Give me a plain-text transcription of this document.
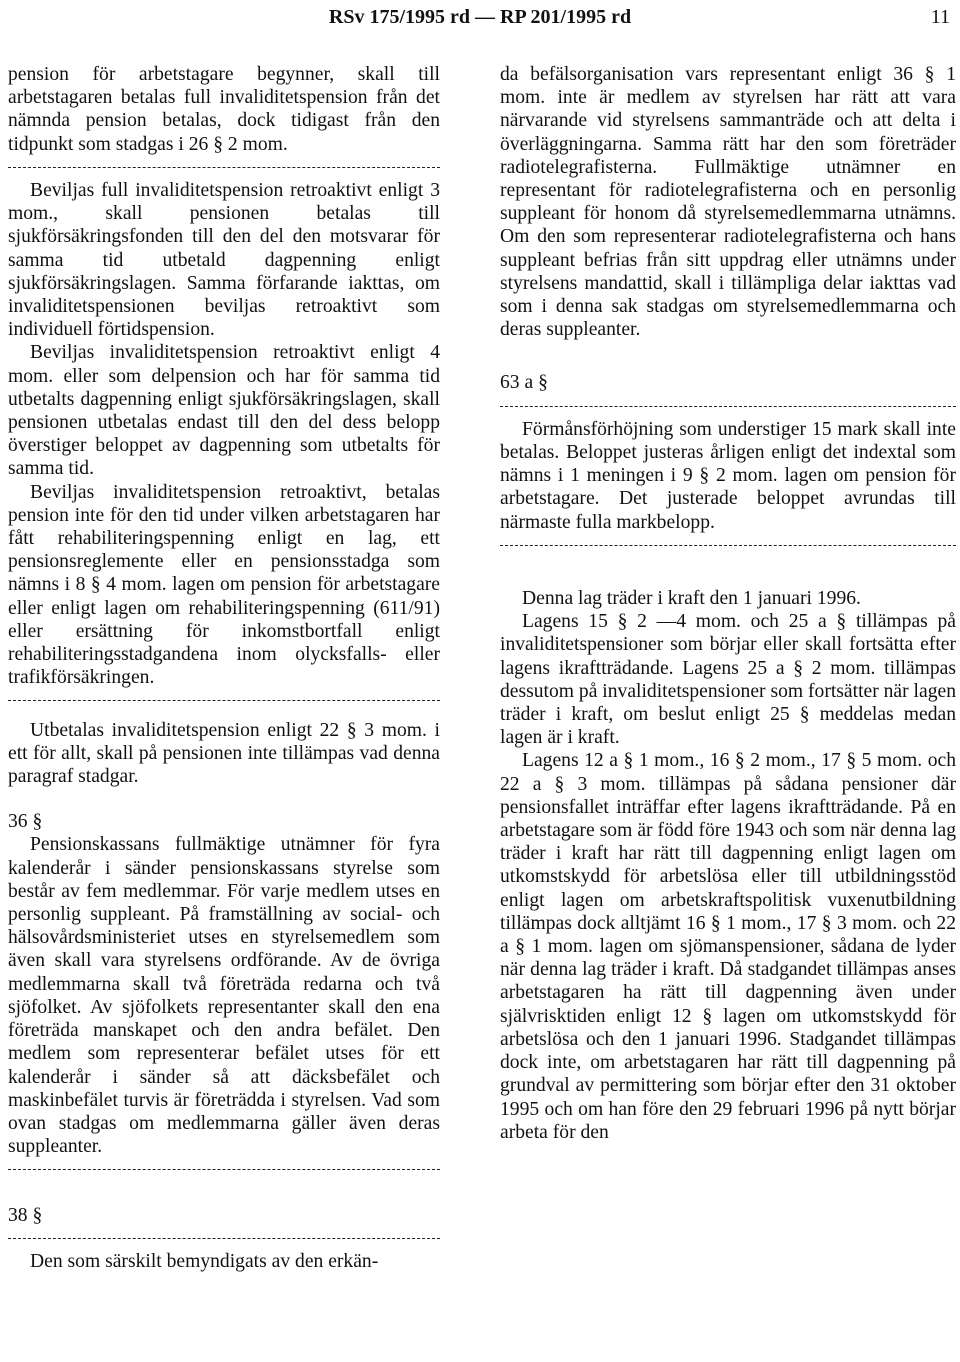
RSv 175/1995 rd — RP 201/1995 rd	11

pension för arbetstagare begynner, skall till arbetstagaren betalas full invaliditetspension från det nämnda pension betalas, dock tidigast från den tidpunkt som stadgas i 26 § 2 mom.

Beviljas full invaliditetspension retroaktivt enligt 3 mom., skall pensionen betalas till sjukförsäkringsfonden till den del den motsvarar för samma tid utbetald dagpenning enligt sjukförsäkringslagen. Samma förfarande iakttas, om invaliditetspensionen beviljas retroaktivt som individuell förtidspension.

Beviljas invaliditetspension retroaktivt enligt 4 mom. eller som delpension och har för samma tid utbetalts dagpenning enligt sjukförsäkringslagen, skall pensionen utbetalas endast till den del dess belopp överstiger beloppet av dagpenning som utbetalts för samma tid.

Beviljas invaliditetspension retroaktivt, betalas pension inte för den tid under vilken arbetstagaren har fått rehabiliteringspenning enligt en lag, ett pensionsreglemente eller en pensionsstadga som nämns i 8 § 4 mom. lagen om pension för arbetstagare eller enligt lagen om rehabiliteringspenning (611/91) eller ersättning för inkomstbortfall enligt rehabiliteringsstadgandena inom olycksfalls- eller trafikförsäkringen.

Utbetalas invaliditetspension enligt 22 § 3 mom. i ett för allt, skall på pensionen inte tillämpas vad denna paragraf stadgar.

36 §

Pensionskassans fullmäktige utnämner för fyra kalenderår i sänder pensionskassans styrelse som består av fem medlemmar. För varje medlem utses en personlig suppleant. På framställning av social- och hälsovårdsministeriet utses en styrelsemedlem som även skall vara styrelsens ordförande. Av de övriga medlemmarna skall två företräda redarna och två sjöfolket. Av sjöfolkets representanter skall den ena företräda manskapet och den andra befälet. Den medlem som representerar befälet utses för ett kalenderår i sänder så att däcksbefälet och maskinbefälet turvis är företrädda i styrelsen. Vad som ovan stadgas om medlemmarna gäller även deras suppleanter.

38 §

Den som särskilt bemyndigats av den erkän-

da befälsorganisation vars representant enligt 36 § 1 mom. inte är medlem av styrelsen har rätt att vara närvarande vid styrelsens sammanträde och att delta i överläggningarna. Samma rätt har den som företräder radiotelegrafisterna. Fullmäktige utnämner en representant för radiotelegrafisterna och en personlig suppleant för honom då styrelsemedlemmarna utnämns. Om den som representerar radiotelegrafisterna och hans suppleant befrias från sitt uppdrag eller utnämns under styrelsens mandattid, skall i tillämpliga delar iakttas vad som i denna sak stadgas om styrelsemedlemmarna och deras suppleanter.

63 a §

Förmånsförhöjning som understiger 15 mark skall inte betalas. Beloppet justeras årligen enligt det indextal som nämns i 1 meningen i 9 § 2 mom. lagen om pension för arbetstagare. Det justerade beloppet avrundas till närmaste fulla markbelopp.

Denna lag träder i kraft den 1 januari 1996.

Lagens 15 § 2 —4 mom. och 25 a § tillämpas på invaliditetspensioner som börjar eller skall fortsätta efter lagens ikraftträdande. Lagens 25 a § 2 mom. tillämpas dessutom på invaliditetspensioner som fortsätter när lagen träder i kraft, om beslut enligt 25 § meddelas medan lagen är i kraft.

Lagens 12 a § 1 mom., 16 § 2 mom., 17 § 5 mom. och 22 a § 3 mom. tillämpas på sådana pensioner där pensionsfallet inträffar efter lagens ikraftträdande. På en arbetstagare som är född före 1943 och som när denna lag träder i kraft har rätt till dagpenning enligt lagen om utkomstskydd för arbetslösa eller till utbildningsstöd enligt lagen om arbetskraftspolitisk vuxenutbildning tillämpas dock alltjämt 16 § 1 mom., 17 § 3 mom. och 22 a § 1 mom. lagen om sjömanspensioner, sådana de lyder när denna lag träder i kraft. Då stadgandet tillämpas anses arbetstagaren ha rätt till dagpenning även under självrisktiden enligt 12 § lagen om utkomstskydd för arbetslösa och den 1 januari 1996. Stadgandet tillämpas dock inte, om arbetstagaren har rätt till dagpenning på grundval av permittering som börjar efter den 31 oktober 1995 och om han före den 29 februari 1996 på nytt börjar arbeta för den
